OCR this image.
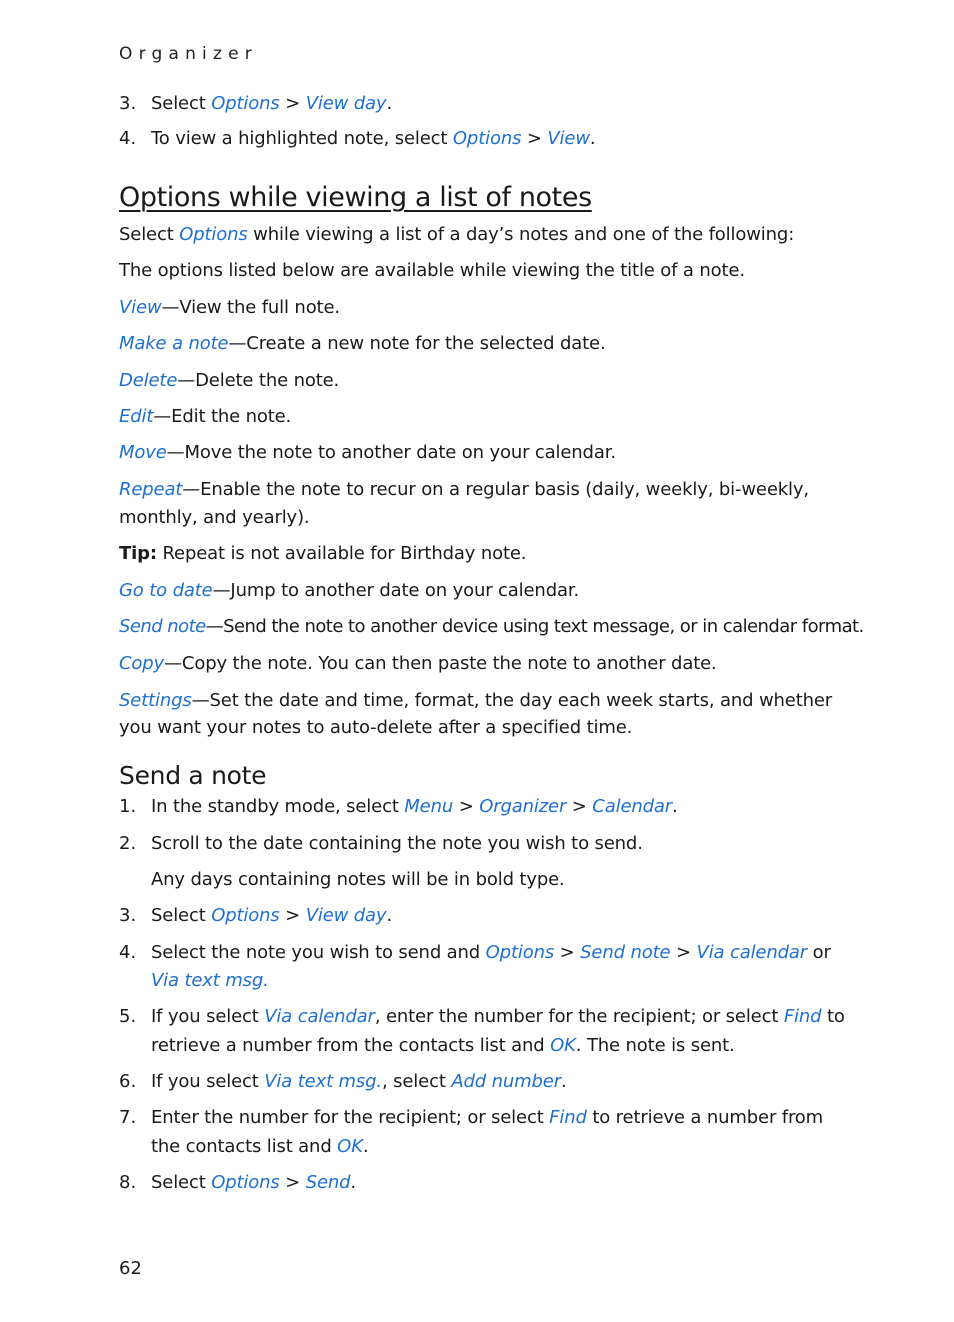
Organizer
3. Select Options > View day.
4. To view a highlighted note, select Options > View.
Options while viewing a list of notes
Select Options while viewing a list of a day’s notes and one of the following:
The options listed below are available while viewing the title of a note.
View—View the full note.
Make a note—Create a new note for the selected date.
Delete—Delete the note.
Edit—Edit the note.
Move—Move the note to another date on your calendar.
Repeat—Enable the note to recur on a regular basis (daily, weekly, bi-weekly,
monthly, and yearly).
Tip: Repeat is not available for Birthday note.
Go to date—Jump to another date on your calendar.
Send note—Send the note to another device using text message, or in calendar format.
Copy—Copy the note. You can then paste the note to another date.
Settings—Set the date and time, format, the day each week starts, and whether
you want your notes to auto-delete after a specified time.
Send a note
1. In the standby mode, select Menu > Organizer > Calendar.
2. Scroll to the date containing the note you wish to send.
Any days containing notes will be in bold type.
3. Select Options > View day.
4. Select the note you wish to send and Options > Send note > Via calendar or
Via text msg.
5. If you select Via calendar, enter the number for the recipient; or select Find to
retrieve a number from the contacts list and OK. The note is sent.
6. If you select Via text msg., select Add number.
7. Enter the number for the recipient; or select Find to retrieve a number from
the contacts list and OK.
8. Select Options > Send.
62
